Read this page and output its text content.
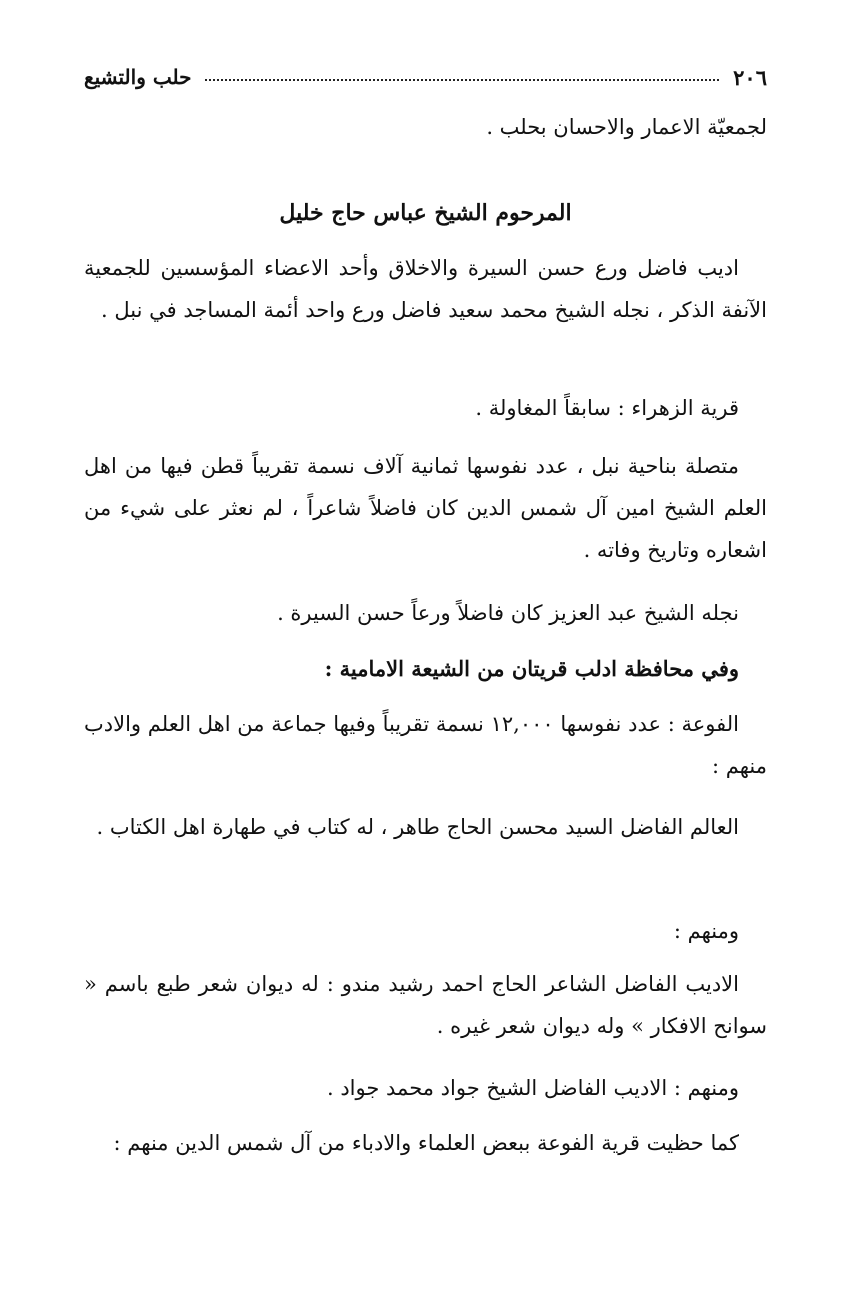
٢٠٦
حلب والتشيع
لجمعيّة الاعمار والاحسان بحلب .
المرحوم الشيخ عباس حاج خليل
اديب فاضل ورع حسن السيرة والاخلاق وأحد الاعضاء المؤسسين للجمعية الآنفة الذكر ، نجله الشيخ محمد سعيد فاضل ورع واحد أئمة المساجد في نبل .
قرية الزهراء : سابقاً المغاولة .
متصلة بناحية نبل ، عدد نفوسها ثمانية آلاف نسمة تقريباً قطن فيها من اهل العلم الشيخ امين آل شمس الدين كان فاضلاً شاعراً ، لم نعثر على شيء من اشعاره وتاريخ وفاته .
نجله الشيخ عبد العزيز كان فاضلاً ورعاً حسن السيرة .
وفي محافظة ادلب قريتان من الشيعة الامامية :
الفوعة : عدد نفوسها ١٢,٠٠٠ نسمة تقريباً وفيها جماعة من اهل العلم والادب منهم :
العالم الفاضل السيد محسن الحاج طاهر ، له كتاب في طهارة اهل الكتاب .
ومنهم :
الاديب الفاضل الشاعر الحاج احمد رشيد مندو : له ديوان شعر طبع باسم « سوانح الافكار » وله ديوان شعر غيره .
ومنهم : الاديب الفاضل الشيخ جواد محمد جواد .
كما حظيت قرية الفوعة ببعض العلماء والادباء من آل شمس الدين منهم :
